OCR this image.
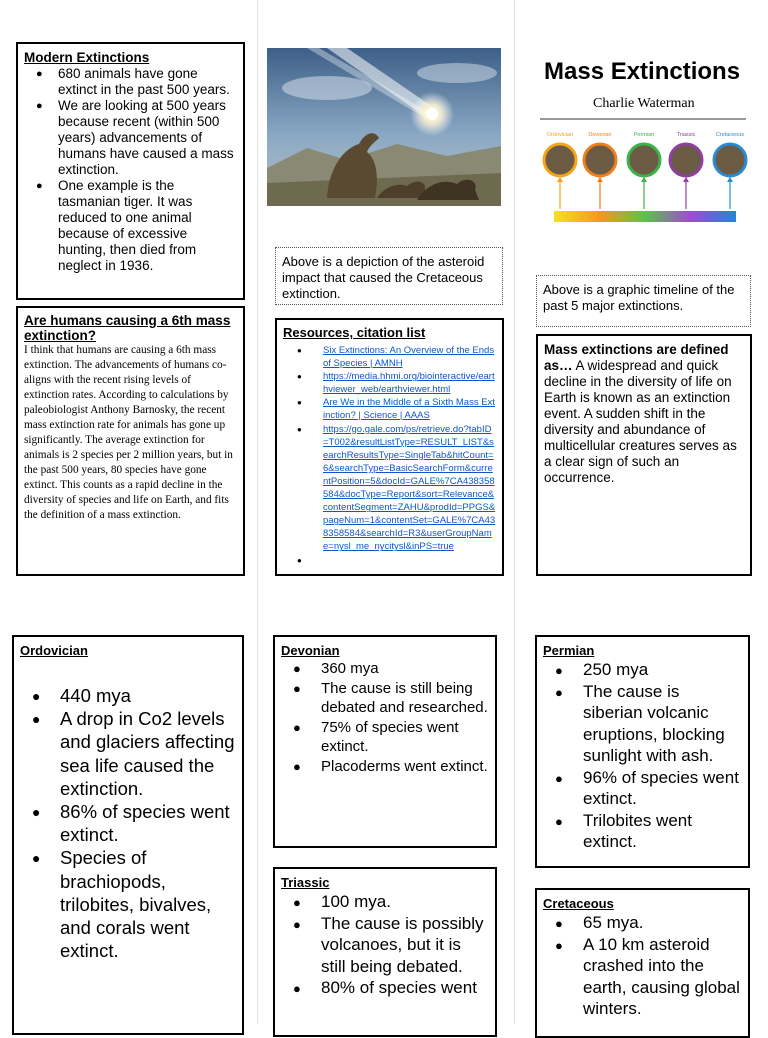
Modern Extinctions
● 680 animals have gone extinct in the past 500 years.
● We are looking at 500 years because recent (within 500 years) advancements of humans have caused a mass extinction.
● One example is the tasmanian tiger. It was reduced to one animal because of excessive hunting, then died from neglect in 1936.
Are humans causing a 6th mass extinction?
I think that humans are causing a 6th mass extinction. The advancements of humans co-aligns with the recent rising levels of extinction rates. According to calculations by paleobiologist Anthony Barnosky, the recent mass extinction rate for animals has gone up significantly. The average extinction for animals is 2 species per 2 million years, but in the past 500 years, 80 species have gone extinct. This counts as a rapid decline in the diversity of species and life on Earth, and fits the definition of a mass extinction.
Above is a depiction of the asteroid impact that caused the Cretaceous extinction.
Resources, citation list
● Six Extinctions: An Overview of the Ends of Species | AMNH
● https://media.hhmi.org/biointeractive/earthviewer_web/earthviewer.html
● Are We in the Middle of a Sixth Mass Extinction? | Science | AAAS
● https://go.gale.com/ps/retrieve.do?tabID=T002&resultListType=RESULT_LIST&searchResultsType=SingleTab&hitCount=6&searchType=BasicSearchForm&currentPosition=5&docId=GALE%7CA438358584&docType=Report&sort=Relevance&contentSegment=ZAHU&prodId=PPGS&pageNum=1&contentSet=GALE%7CA438358584&searchId=R3&userGroupName=nysl_me_nycitysl&inPS=true
●
Mass Extinctions
Charlie Waterman
Ordovician	Devonian	Permian	Triassic	Cretaceous
Above is a graphic timeline of the past 5 major extinctions.
Mass extinctions are defined as… A widespread and quick decline in the diversity of life on Earth is known as an extinction event. A sudden shift in the diversity and abundance of multicellular creatures serves as a clear sign of such an occurrence.
Ordovician
● 440 mya
● A drop in Co2 levels and glaciers affecting sea life caused the extinction.
● 86% of species went extinct.
● Species of brachiopods, trilobites, bivalves, and corals went extinct.
Devonian
● 360 mya
● The cause is still being debated and researched.
● 75% of species went extinct.
● Placoderms went extinct.
Triassic
● 100 mya.
● The cause is possibly volcanoes, but it is still being debated.
● 80% of species went
Permian
● 250 mya
● The cause is siberian volcanic eruptions, blocking sunlight with ash.
● 96% of species went extinct.
● Trilobites went extinct.
Cretaceous
● 65 mya.
● A 10 km asteroid crashed into the earth, causing global winters.
